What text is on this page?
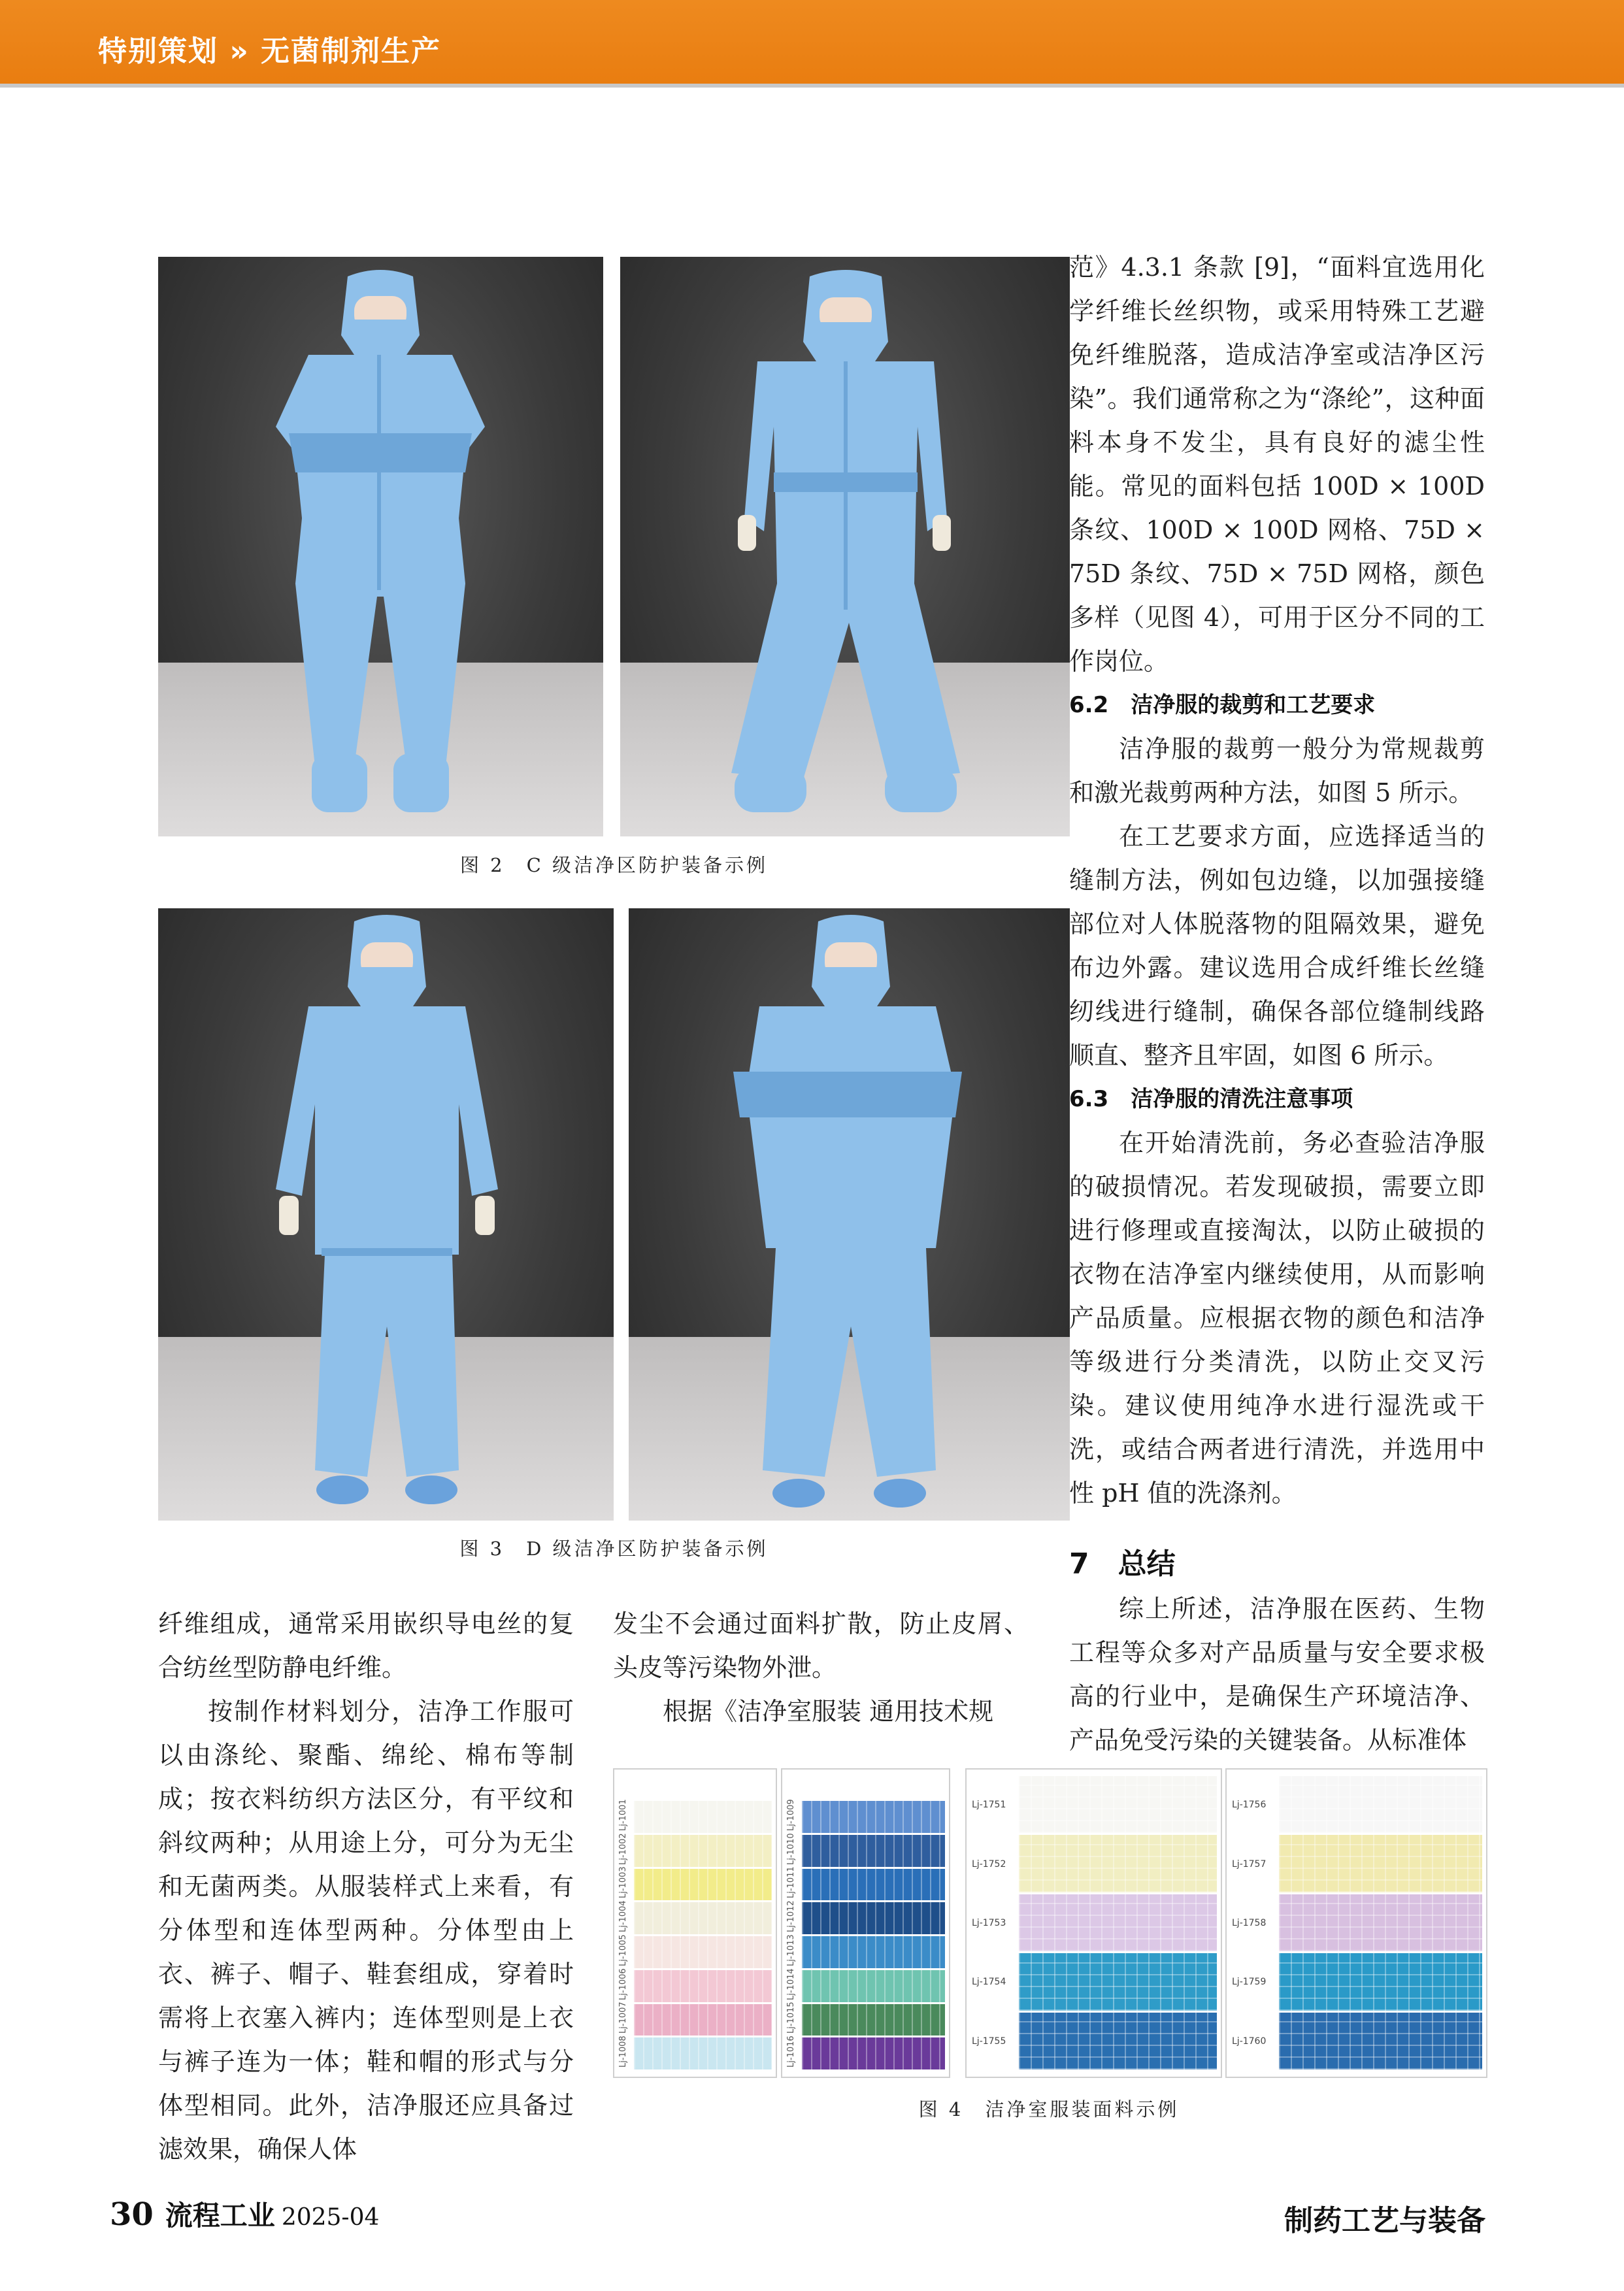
特别策划 » 无菌制剂生产
图 2　C 级洁净区防护装备示例
图 3　D 级洁净区防护装备示例

范》4.3.1 条款 [9]，“面料宜选用化学纤维长丝织物，或采用特殊工艺避免纤维脱落，造成洁净室或洁净区污染”。我们通常称之为“涤纶”，这种面料本身不发尘，具有良好的滤尘性能。常见的面料包括 100D × 100D 条纹、100D × 100D 网格、75D × 75D 条纹、75D × 75D 网格，颜色多样（见图 4），可用于区分不同的工作岗位。

6.2　洁净服的裁剪和工艺要求

洁净服的裁剪一般分为常规裁剪和激光裁剪两种方法，如图 5 所示。

在工艺要求方面，应选择适当的缝制方法，例如包边缝，以加强接缝部位对人体脱落物的阻隔效果，避免布边外露。建议选用合成纤维长丝缝纫线进行缝制，确保各部位缝制线路顺直、整齐且牢固，如图 6 所示。

6.3　洁净服的清洗注意事项

在开始清洗前，务必查验洁净服的破损情况。若发现破损，需要立即进行修理或直接淘汰，以防止破损的衣物在洁净室内继续使用，从而影响产品质量。应根据衣物的颜色和洁净等级进行分类清洗，以防止交叉污染。建议使用纯净水进行湿洗或干洗，或结合两者进行清洗，并选用中性 pH 值的洗涤剂。

7　总结

综上所述，洁净服在医药、生物工程等众多对产品质量与安全要求极高的行业中，是确保生产环境洁净、产品免受污染的关键装备。从标准体

纤维组成，通常采用嵌织导电丝的复合纺丝型防静电纤维。

按制作材料划分，洁净工作服可以由涤纶、聚酯、绵纶、棉布等制成；按衣料纺织方法区分，有平纹和斜纹两种；从用途上分，可分为无尘和无菌两类。从服装样式上来看，有分体型和连体型两种。分体型由上衣、裤子、帽子、鞋套组成，穿着时需将上衣塞入裤内；连体型则是上衣与裤子连为一体；鞋和帽的形式与分体型相同。此外，洁净服还应具备过滤效果，确保人体

发尘不会通过面料扩散，防止皮屑、头皮等污染物外泄。

根据《洁净室服装 通用技术规

Lj-1001
Lj-1002
Lj-1003
Lj-1004
Lj-1005
Lj-1006
Lj-1007
Lj-1008
Lj-1009
Lj-1010
Lj-1011
Lj-1012
Lj-1013
Lj-1014
Lj-1015
Lj-1016
Lj-1751
Lj-1752
Lj-1753
Lj-1754
Lj-1755
Lj-1756
Lj-1757
Lj-1758
Lj-1759
Lj-1760
图 4　洁净室服装面料示例
30 流程工业 2025-04	制药工艺与装备
